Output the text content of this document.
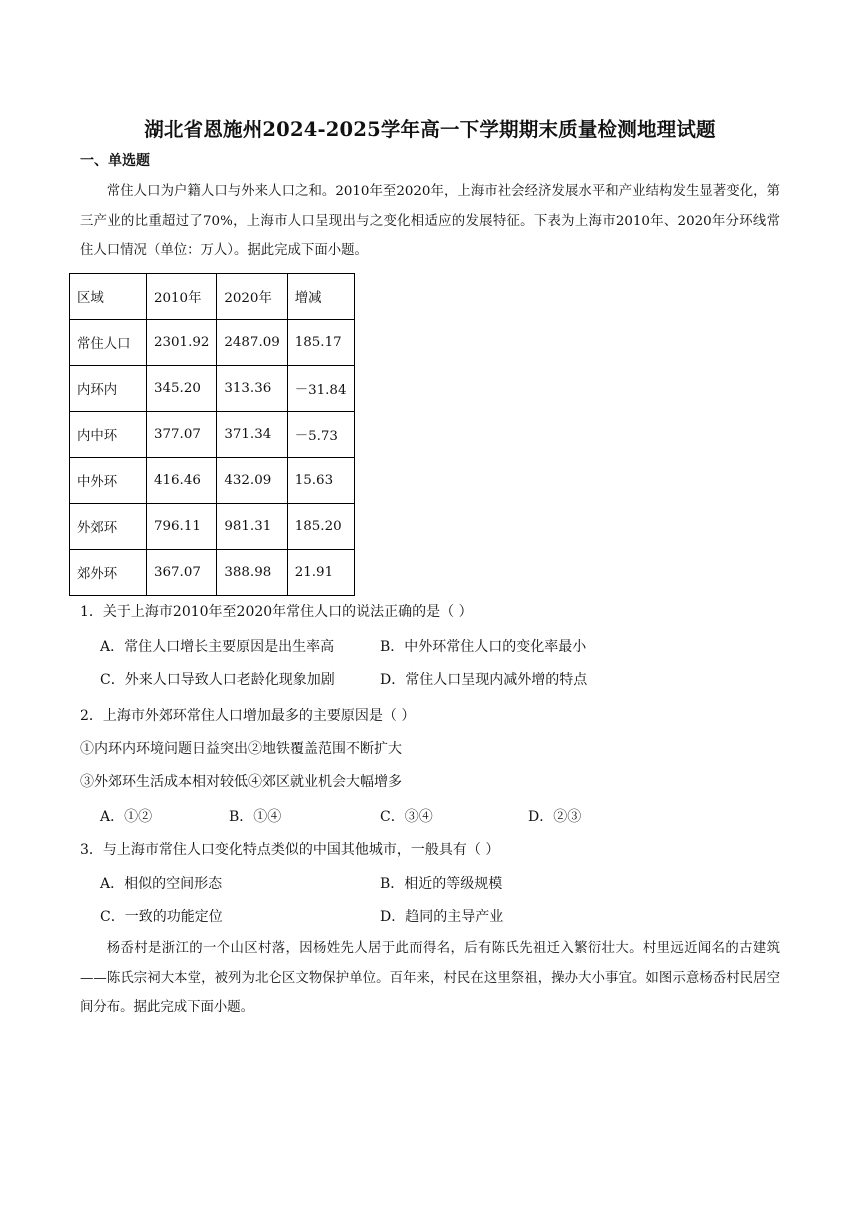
湖北省恩施州2024-2025学年高一下学期期末质量检测地理试题
一、单选题

常住人口为户籍人口与外来人口之和。2010年至2020年，上海市社会经济发展水平和产业结构发生显著变化，第三产业的比重超过了70%，上海市人口呈现出与之变化相适应的发展特征。下表为上海市2010年、2020年分环线常住人口情况（单位：万人）。据此完成下面小题。

区域	2010年	2020年	增减
常住人口	2301.92	2487.09	185.17
内环内	345.20	313.36	－31.84
内中环	377.07	371.34	－5.73
中外环	416.46	432.09	15.63
外郊环	796.11	981.31	185.20
郊外环	367.07	388.98	21.91
1．关于上海市2010年至2020年常住人口的说法正确的是（ ）
A．常住人口增长主要原因是出生率高	B．中外环常住人口的变化率最小
C．外来人口导致人口老龄化现象加剧	D．常住人口呈现内减外增的特点
2．上海市外郊环常住人口增加最多的主要原因是（ ）
①内环内环境问题日益突出②地铁覆盖范围不断扩大
③外郊环生活成本相对较低④郊区就业机会大幅增多
A．①②	B．①④	C．③④	D．②③
3．与上海市常住人口变化特点类似的中国其他城市，一般具有（ ）
A．相似的空间形态	B．相近的等级规模
C．一致的功能定位	D．趋同的主导产业

杨岙村是浙江的一个山区村落，因杨姓先人居于此而得名，后有陈氏先祖迁入繁衍壮大。村里远近闻名的古建筑——陈氏宗祠大本堂，被列为北仑区文物保护单位。百年来，村民在这里祭祖，操办大小事宜。如图示意杨岙村民居空间分布。据此完成下面小题。
